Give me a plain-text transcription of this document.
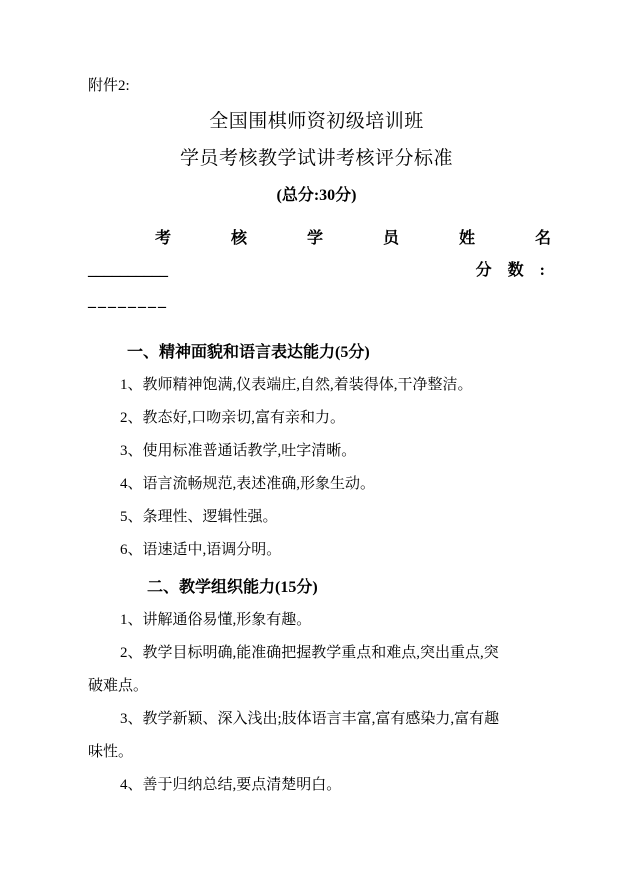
附件2:
全国围棋师资初级培训班
学员考核教学试讲考核评分标准
(总分:30分)
考核学员姓名
__________	分数:
________
一、精神面貌和语言表达能力(5分)

1、教师精神饱满,仪表端庄,自然,着装得体,干净整洁。

2、教态好,口吻亲切,富有亲和力。

3、使用标准普通话教学,吐字清晰。

4、语言流畅规范,表述准确,形象生动。

5、条理性、逻辑性强。

6、语速适中,语调分明。

二、教学组织能力(15分)

1、讲解通俗易懂,形象有趣。

2、教学目标明确,能准确把握教学重点和难点,突出重点,突

破难点。

3、教学新颖、深入浅出;肢体语言丰富,富有感染力,富有趣

味性。

4、善于归纳总结,要点清楚明白。
